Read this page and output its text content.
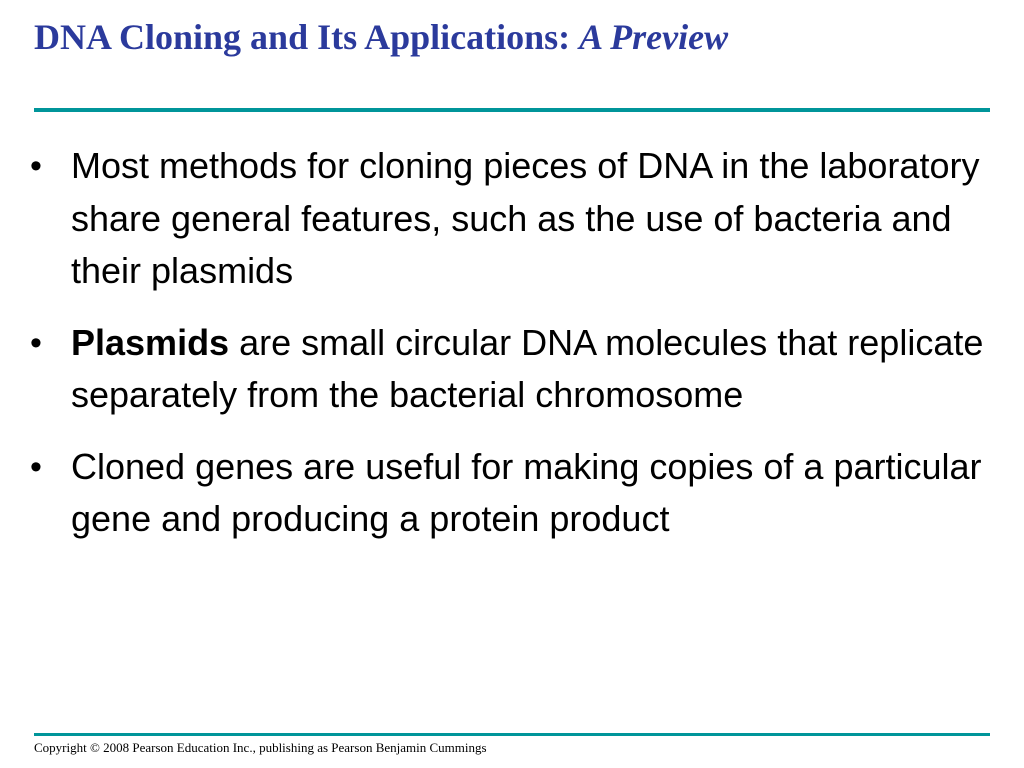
DNA Cloning and Its Applications: A Preview
• Most methods for cloning pieces of DNA in the laboratory share general features, such as the use of bacteria and their plasmids
• Plasmids are small circular DNA molecules that replicate separately from the bacterial chromosome
• Cloned genes are useful for making copies of a particular gene and producing a protein product
Copyright © 2008 Pearson Education Inc., publishing as Pearson Benjamin Cummings
